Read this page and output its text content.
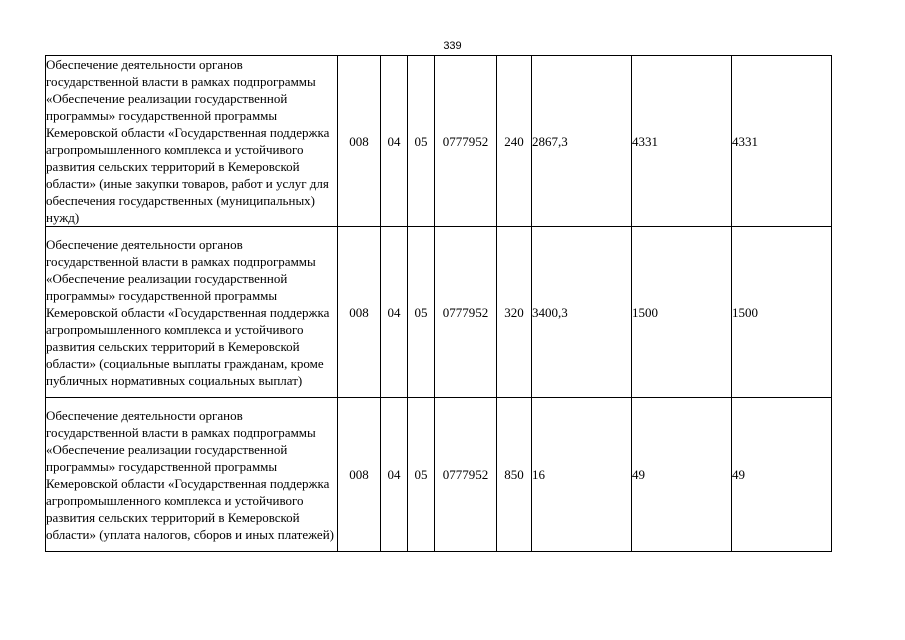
339
Обеспечение деятельности органов государственной власти в рамках подпрограммы «Обеспечение реализации государственной программы» государственной программы Кемеровской области «Государственная поддержка агропромышленного комплекса и устойчивого развития сельских территорий в Кемеровской области» (иные закупки товаров, работ и услуг для обеспечения государственных (муниципальных) нужд)	008	04	05	0777952	240	2867,3	4331	4331
Обеспечение деятельности органов государственной власти в рамках подпрограммы «Обеспечение реализации государственной программы» государственной программы Кемеровской области «Государственная поддержка агропромышленного комплекса и устойчивого развития сельских территорий в Кемеровской области» (социальные выплаты гражданам, кроме публичных нормативных социальных выплат)	008	04	05	0777952	320	3400,3	1500	1500
Обеспечение деятельности органов государственной власти в рамках подпрограммы «Обеспечение реализации государственной программы» государственной программы Кемеровской области «Государственная поддержка агропромышленного комплекса и устойчивого развития сельских территорий в Кемеровской области» (уплата налогов, сборов и иных платежей)	008	04	05	0777952	850	16	49	49
